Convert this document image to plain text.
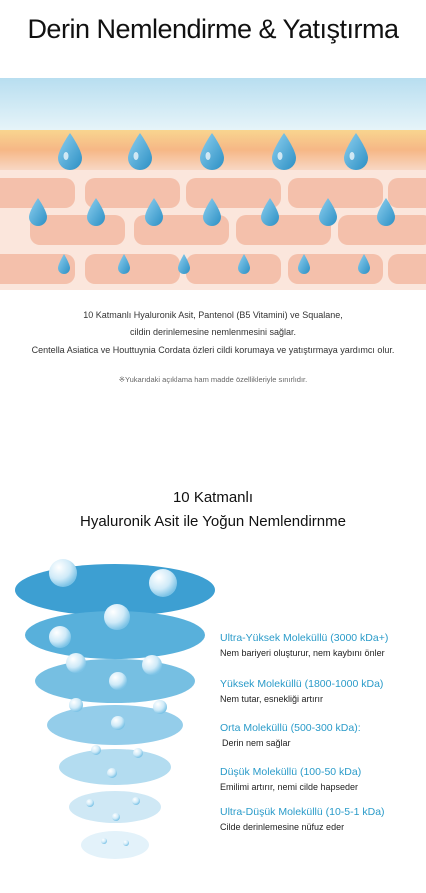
Derin Nemlendirme & Yatıştırma
10 Katmanlı Hyaluronik Asit, Pantenol (B5 Vitamini) ve Squalane,
cildin derinlemesine nemlenmesini sağlar.
Centella Asiatica ve Houttuynia Cordata özleri cildi korumaya ve yatıştırmaya yardımcı olur.
※Yukarıdaki açıklama ham madde özellikleriyle sınırlıdır.
10 Katmanlı
Hyaluronik Asit ile Yoğun Nemlendirnme
Ultra-Yüksek Moleküllü (3000 kDa+)
Nem bariyeri oluşturur, nem kaybını önler
Yüksek Moleküllü (1800-1000 kDa)
Nem tutar, esnekliği artırır
Orta Moleküllü (500-300 kDa):
Derin nem sağlar
Düşük Moleküllü (100-50 kDa)
Emilimi artırır, nemi cilde hapseder
Ultra-Düşük Moleküllü (10-5-1 kDa)
Cilde derinlemesine nüfuz eder
